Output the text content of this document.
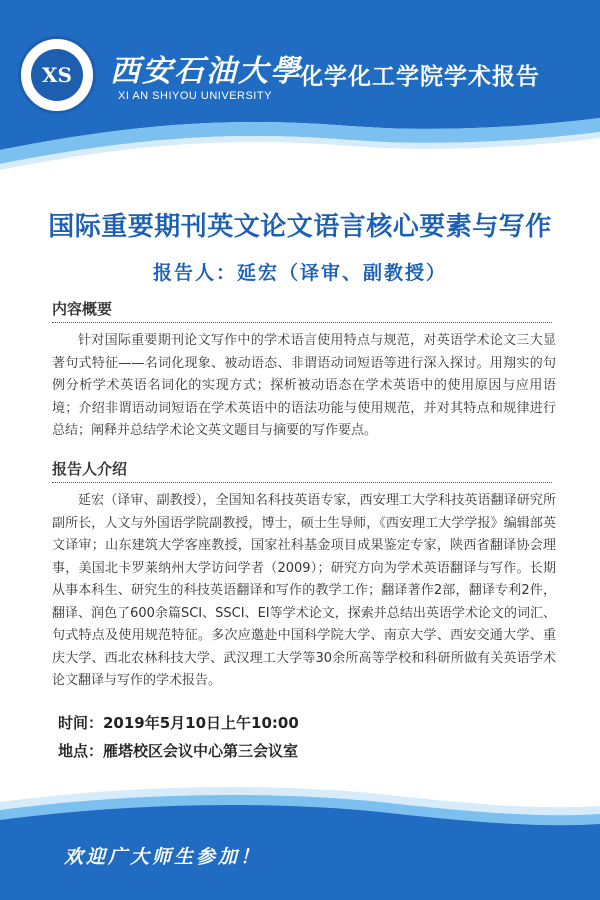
XS	西安石油大學
XI AN SHIYOU UNIVERSITY
化学化工学院学术报告
国际重要期刊英文论文语言核心要素与写作
报告人：延宏（译审、副教授）
内容概要

针对国际重要期刊论文写作中的学术语言使用特点与规范，对英语学术论文三大显著句式特征——名词化现象、被动语态、非谓语动词短语等进行深入探讨。用翔实的句例分析学术英语名词化的实现方式；探析被动语态在学术英语中的使用原因与应用语境；介绍非谓语动词短语在学术英语中的语法功能与使用规范，并对其特点和规律进行总结；阐释并总结学术论文英文题目与摘要的写作要点。

报告人介绍

延宏（译审、副教授），全国知名科技英语专家，西安理工大学科技英语翻译研究所副所长，人文与外国语学院副教授，博士，硕士生导师，《西安理工大学学报》编辑部英文译审；山东建筑大学客座教授，国家社科基金项目成果鉴定专家，陕西省翻译协会理事，美国北卡罗莱纳州大学访问学者（2009）；研究方向为学术英语翻译与写作。长期从事本科生、研究生的科技英语翻译和写作的教学工作；翻译著作2部，翻译专利2件，翻译、润色了600余篇SCI、SSCI、EI等学术论文，探索并总结出英语学术论文的词汇、句式特点及使用规范特征。多次应邀赴中国科学院大学、南京大学、西安交通大学、重庆大学、西北农林科技大学、武汉理工大学等30余所高等学校和科研所做有关英语学术论文翻译与写作的学术报告。

时间：2019年5月10日上午10:00
地点：雁塔校区会议中心第三会议室
欢迎广大师生参加！
